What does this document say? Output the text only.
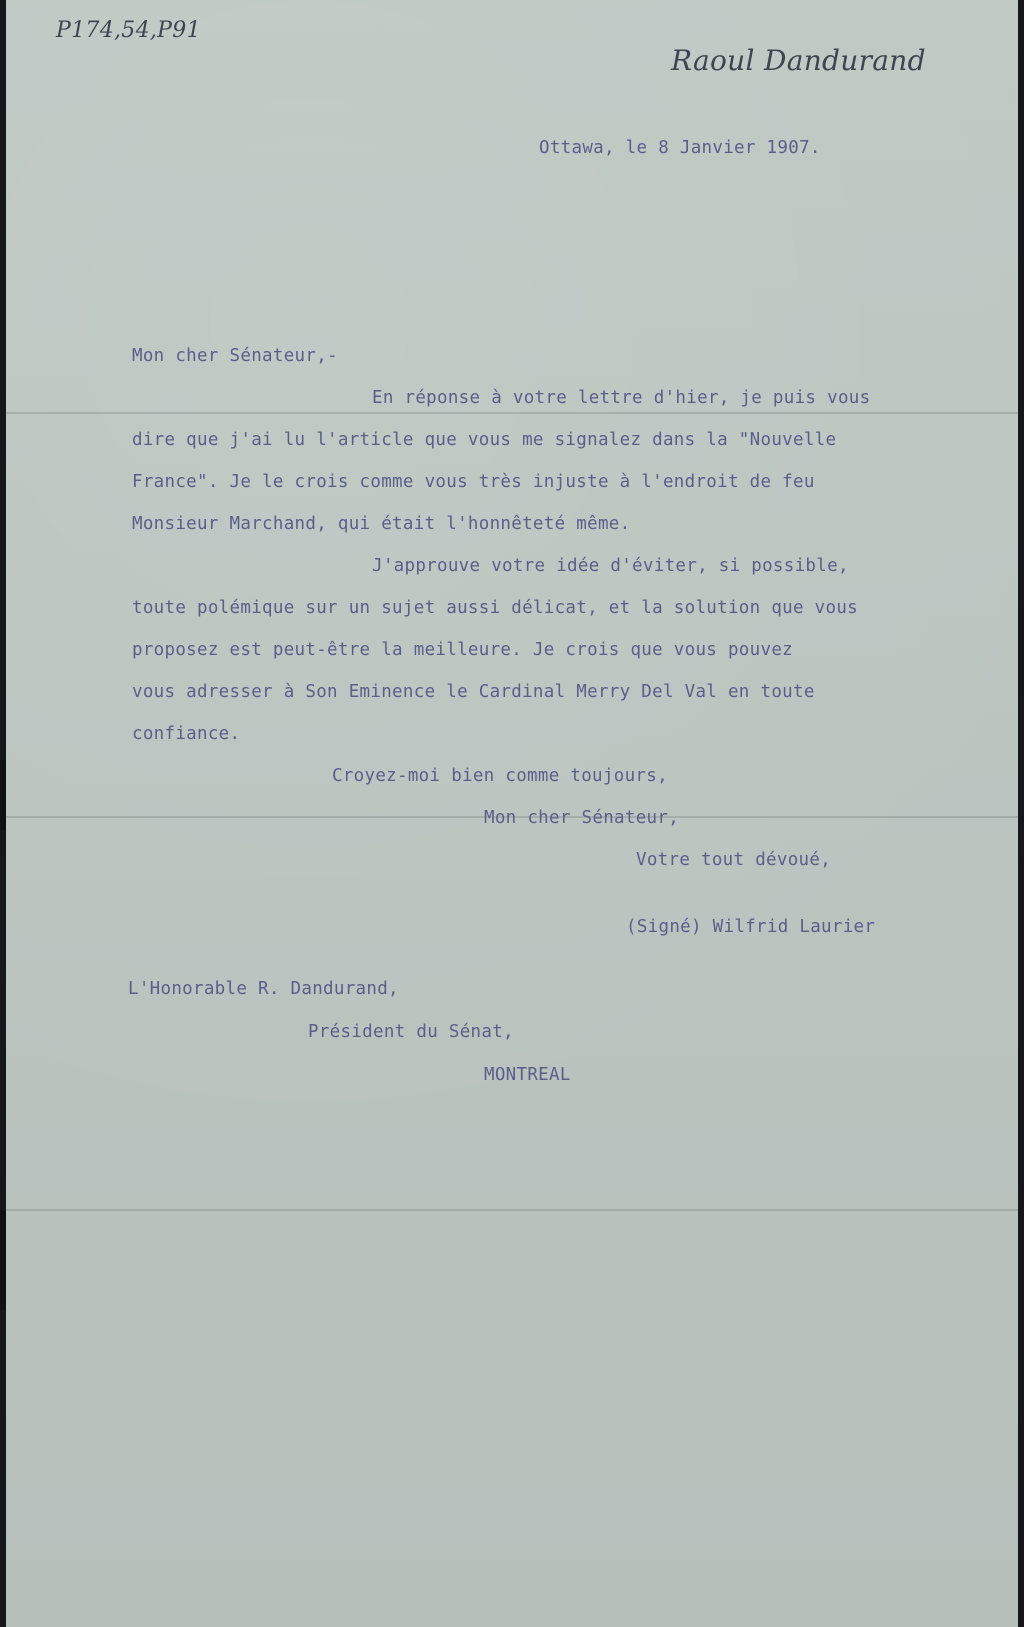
P174,54,P91
Raoul Dandurand
Ottawa, le 8 Janvier 1907.
Mon cher Sénateur,-
En réponse à votre lettre d'hier, je puis vous
dire que j'ai lu l'article que vous me signalez dans la "Nouvelle
France". Je le crois comme vous très injuste à l'endroit de feu
Monsieur Marchand, qui était l'honnêteté même.
J'approuve votre idée d'éviter, si possible,
toute polémique sur un sujet aussi délicat, et la solution que vous
proposez est peut-être la meilleure. Je crois que vous pouvez
vous adresser à Son Eminence le Cardinal Merry Del Val en toute
confiance.
Croyez-moi bien comme toujours,
Mon cher Sénateur,
Votre tout dévoué,
(Signé) Wilfrid Laurier
L'Honorable R. Dandurand,
Président du Sénat,
MONTREAL
